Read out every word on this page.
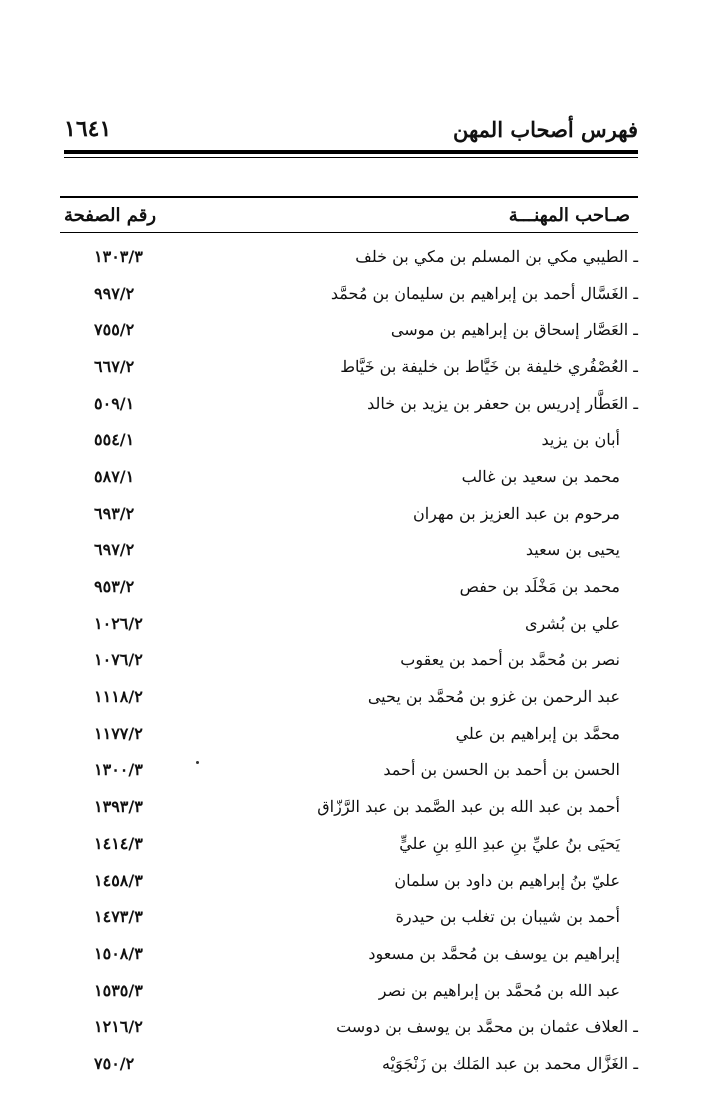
فهرس أصحاب المهن
١٦٤١
صـاحب المهنـــة
رقم الصفحة
ـ الطيبي مكي بن المسلم بن مكي بن خلف
١٣٠٣/٣
ـ الغَسَّال أحمد بن إبراهيم بن سليمان بن مُحمَّد
٩٩٧/٢
ـ العَصَّار إسحاق بن إبراهيم بن موسى
٧٥٥/٢
ـ العُصْفُري خليفة بن خَيَّاط بن خليفة بن خَيَّاط
٦٦٧/٢
ـ العَطَّار إدريس بن حعفر بن يزيد بن خالد
٥٠٩/١
أبان بن يزيد
٥٥٤/١
محمد بن سعيد بن غالب
٥٨٧/١
مرحوم بن عبد العزيز بن مهران
٦٩٣/٢
يحيى بن سعيد
٦٩٧/٢
محمد بن مَخْلَد بن حفص
٩٥٣/٢
علي بن بُشرى
١٠٢٦/٢
نصر بن مُحمَّد بن أحمد بن يعقوب
١٠٧٦/٢
عبد الرحمن بن غزو بن مُحمَّد بن يحيى
١١١٨/٢
محمَّد بن إبراهيم بن علي
١١٧٧/٢
الحسن بن أحمد بن الحسن بن أحمد
١٣٠٠/٣
أحمد بن عبد الله بن عبد الصَّمد بن عبد الرَّزّاق
١٣٩٣/٣
يَحيَى بنُ عليِّ بنِ عبدِ اللهِ بنِ عليٍّ
١٤١٤/٣
عليّ بنُ إبراهيم بن داود بن سلمان
١٤٥٨/٣
أحمد بن شيبان بن تغلب بن حيدرة
١٤٧٣/٣
إبراهيم بن يوسف بن مُحمَّد بن مسعود
١٥٠٨/٣
عبد الله بن مُحمَّد بن إبراهيم بن نصر
١٥٣٥/٣
ـ العلاف عثمان بن محمَّد بن يوسف بن دوست
١٢١٦/٢
ـ الغَزَّال محمد بن عبد المَلك بن زَنْجَوَيْه
٧٥٠/٢
